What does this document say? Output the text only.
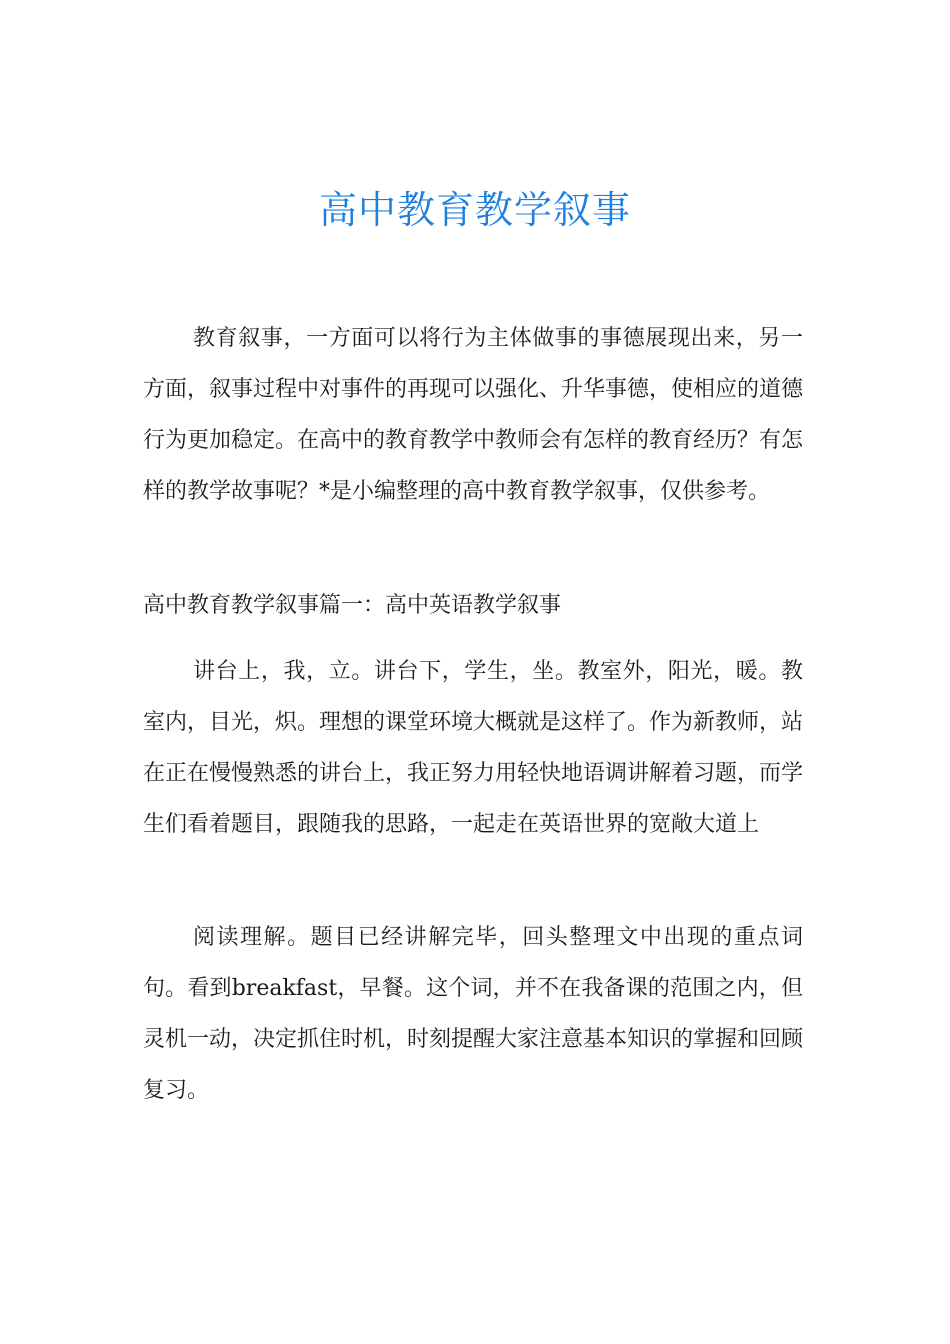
高中教育教学叙事

教育叙事，一方面可以将行为主体做事的事德展现出来，另一方面，叙事过程中对事件的再现可以强化、升华事德，使相应的道德行为更加稳定。在高中的教育教学中教师会有怎样的教育经历？有怎样的教学故事呢？*是小编整理的高中教育教学叙事，仅供参考。

高中教育教学叙事篇一：高中英语教学叙事

讲台上，我，立。讲台下，学生，坐。教室外，阳光，暖。教室内，目光，炽。理想的课堂环境大概就是这样了。作为新教师，站在正在慢慢熟悉的讲台上，我正努力用轻快地语调讲解着习题，而学生们看着题目，跟随我的思路，一起走在英语世界的宽敞大道上

阅读理解。题目已经讲解完毕，回头整理文中出现的重点词句。看到breakfast，早餐。这个词，并不在我备课的范围之内，但灵机一动，决定抓住时机，时刻提醒大家注意基本知识的掌握和回顾复习。
